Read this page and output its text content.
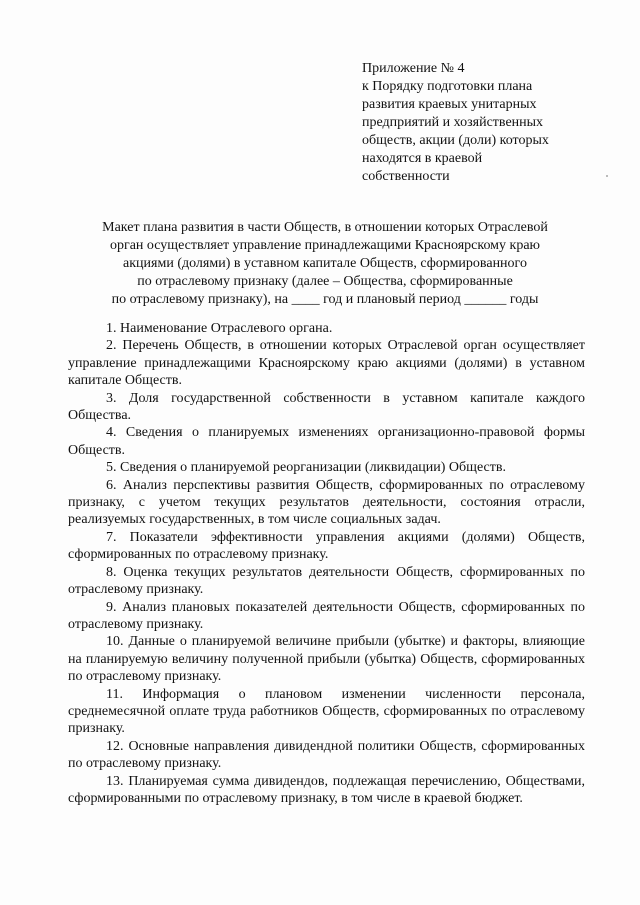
Приложение № 4
к Порядку подготовки плана
развития краевых унитарных
предприятий и хозяйственных
обществ, акции (доли) которых
находятся в краевой
собственности
Макет плана развития в части Обществ, в отношении которых Отраслевой
орган осуществляет управление принадлежащими Красноярскому краю
акциями (долями) в уставном капитале Обществ, сформированного
по отраслевому признаку (далее – Общества, сформированные
по отраслевому признаку), на ____ год и плановый период ______ годы

1. Наименование Отраслевого органа.

2. Перечень Обществ, в отношении которых Отраслевой орган осуществляет управление принадлежащими Красноярскому краю акциями (долями) в уставном капитале Обществ.

3. Доля государственной собственности в уставном капитале каждого Общества.

4. Сведения о планируемых изменениях организационно-правовой формы Обществ.

5. Сведения о планируемой реорганизации (ликвидации) Обществ.

6. Анализ перспективы развития Обществ, сформированных по отраслевому признаку, с учетом текущих результатов деятельности, состояния отрасли, реализуемых государственных, в том числе социальных задач.

7. Показатели эффективности управления акциями (долями) Обществ, сформированных по отраслевому признаку.

8. Оценка текущих результатов деятельности Обществ, сформированных по отраслевому признаку.

9. Анализ плановых показателей деятельности Обществ, сформированных по отраслевому признаку.

10. Данные о планируемой величине прибыли (убытке) и факторы, влияющие на планируемую величину полученной прибыли (убытка) Обществ, сформированных по отраслевому признаку.

11. Информация о плановом изменении численности персонала, среднемесячной оплате труда работников Обществ, сформированных по отраслевому признаку.

12. Основные направления дивидендной политики Обществ, сформированных по отраслевому признаку.

13. Планируемая сумма дивидендов, подлежащая перечислению, Обществами, сформированными по отраслевому признаку, в том числе в краевой бюджет.
